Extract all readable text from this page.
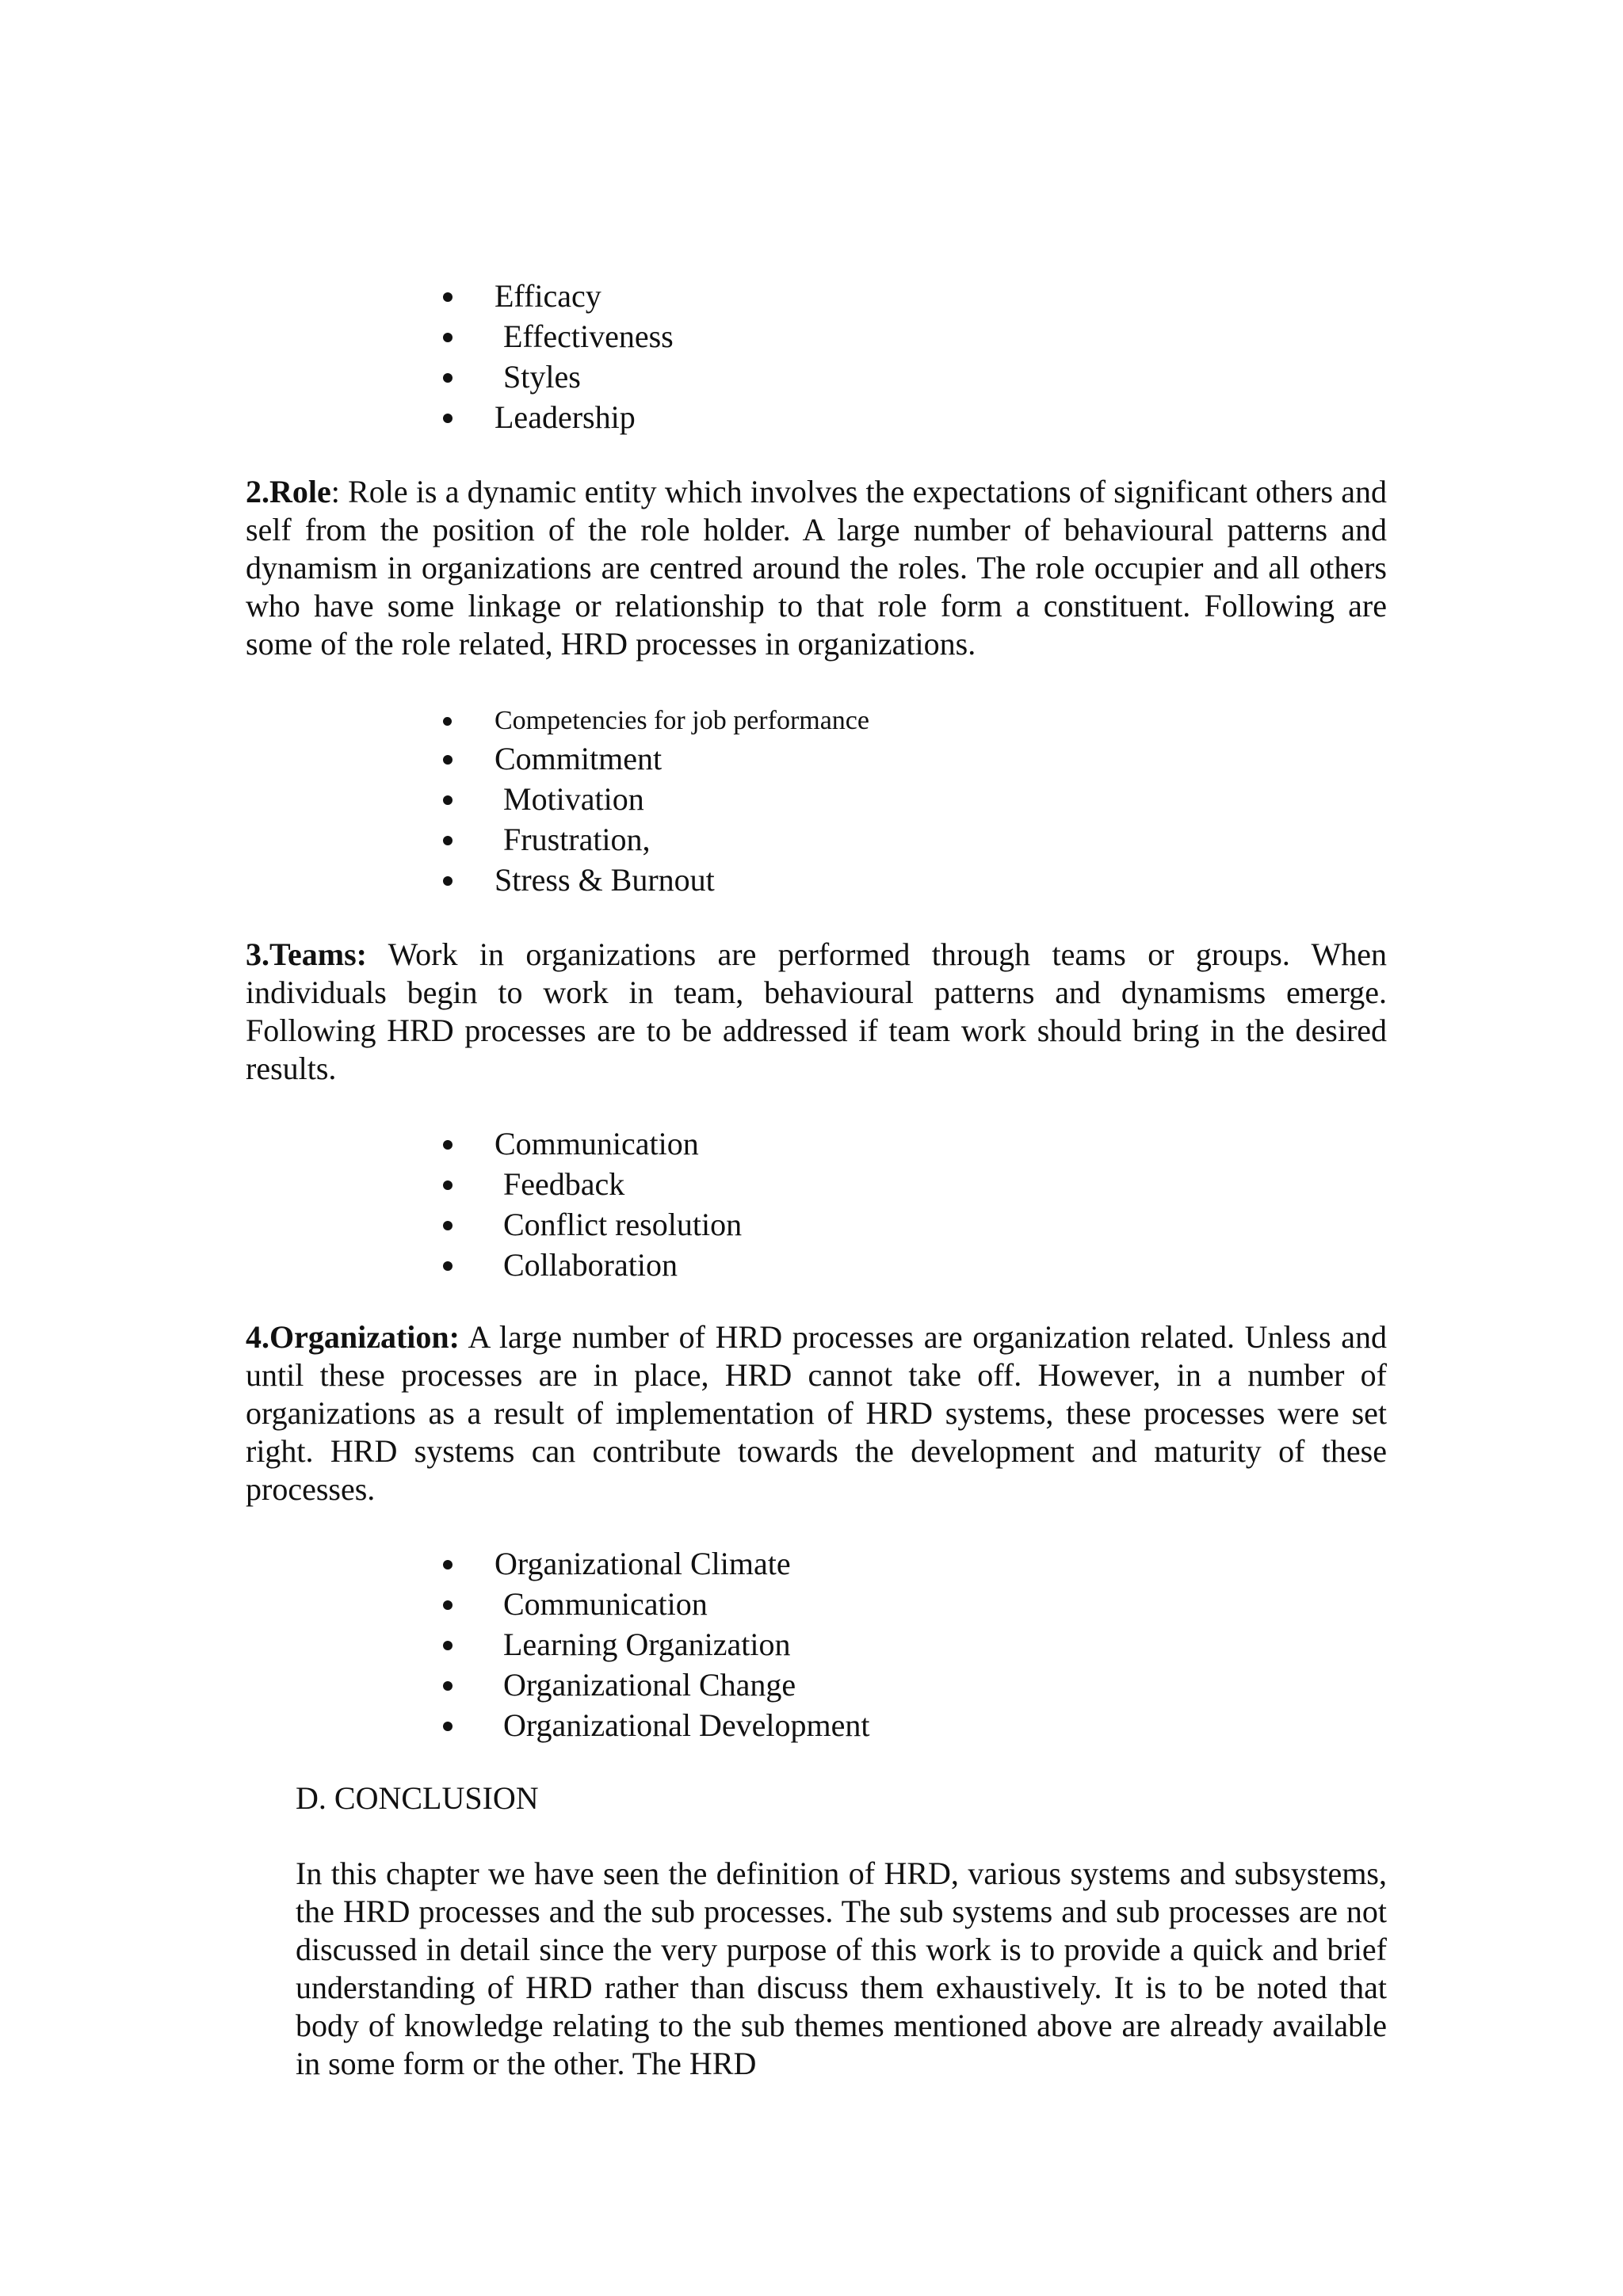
Efficacy
Effectiveness
Styles
Leadership

2.Role: Role is a dynamic entity which involves the expectations of significant others and self from the position of the role holder. A large number of behavioural patterns and dynamism in organizations are centred around the roles. The role occupier and all others who have some linkage or relationship to that role form a constituent. Following are some of the role related, HRD processes in organizations.

Competencies for job performance
Commitment
Motivation
Frustration,
Stress & Burnout

3.Teams: Work in organizations are performed through teams or groups. When individuals begin to work in team, behavioural patterns and dynamisms emerge. Following HRD processes are to be addressed if team work should bring in the desired results.

Communication
Feedback
Conflict resolution
Collaboration

4.Organization: A large number of HRD processes are organization related. Unless and until these processes are in place, HRD cannot take off. However, in a number of organizations as a result of implementation of HRD systems, these processes were set right. HRD systems can contribute towards the development and maturity of these processes.

Organizational Climate
Communication
Learning Organization
Organizational Change
Organizational Development
D. CONCLUSION

In this chapter we have seen the definition of HRD, various systems and subsystems, the HRD processes and the sub processes. The sub systems and sub processes are not discussed in detail since the very purpose of this work is to provide a quick and brief understanding of HRD rather than discuss them exhaustively. It is to be noted that body of knowledge relating to the sub themes mentioned above are already available in some form or the other. The HRD
